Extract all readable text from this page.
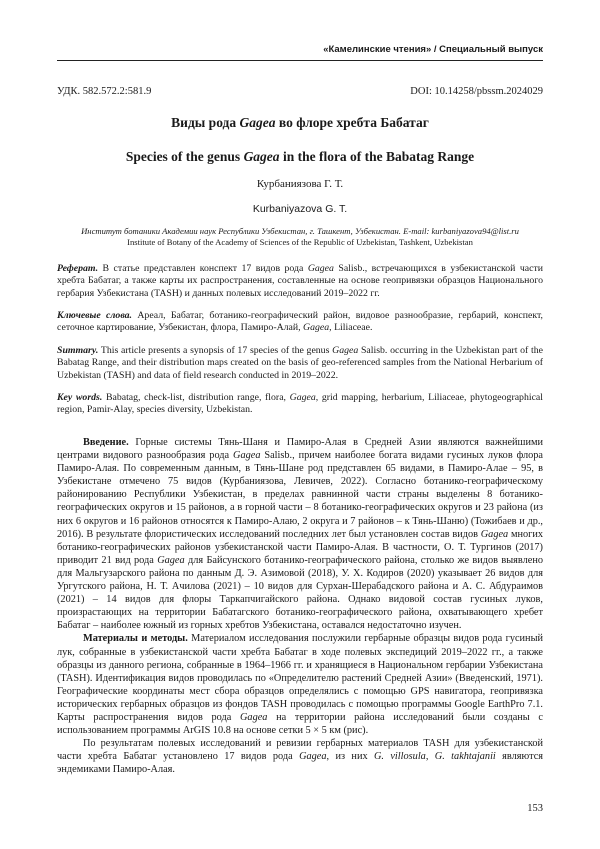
«Камелинские чтения» / Специальный выпуск
УДК. 582.572.2:581.9	DOI: 10.14258/pbssm.2024029
Виды рода Gagea во флоре хребта Бабатаг
Species of the genus Gagea in the flora of the Babatag Range
Курбаниязова Г. Т.
Kurbaniyazova G. T.
Институт ботаники Академии наук Республики Узбекистан, г. Ташкент, Узбекистан. E-mail: kurbaniyazova94@list.ru
Institute of Botany of the Academy of Sciences of the Republic of Uzbekistan, Tashkent, Uzbekistan
Реферат. В статье представлен конспект 17 видов рода Gagea Salisb., встречающихся в узбекистанской части хребта Бабатаг, а также карты их распространения, составленные на основе геопривязки образцов Национального гербария Узбекистана (TASH) и данных полевых исследований 2019–2022 гг.
Ключевые слова. Ареал, Бабатаг, ботанико-географический район, видовое разнообразие, гербарий, конспект, сеточное картирование, Узбекистан, флора, Памиро-Алай, Gagea, Liliaceae.
Summary. This article presents a synopsis of 17 species of the genus Gagea Salisb. occurring in the Uzbekistan part of the Babatag Range, and their distribution maps created on the basis of geo-referenced samples from the National Herbarium of Uzbekistan (TASH) and data of field research conducted in 2019–2022.
Key words. Babatag, check-list, distribution range, flora, Gagea, grid mapping, herbarium, Liliaceae, phytogeographical region, Pamir-Alay, species diversity, Uzbekistan.

Введение. Горные системы Тянь-Шаня и Памиро-Алая в Средней Азии являются важнейшими центрами видового разнообразия рода Gagea Salisb., причем наиболее богата видами гусиных луков флора Памиро-Алая. По современным данным, в Тянь-Шане род представлен 65 видами, в Памиро-Алае – 95, в Узбекистане отмечено 75 видов (Курбаниязова, Левичев, 2022). Согласно ботанико-географическому районированию Республики Узбекистан, в пределах равнинной части страны выделены 8 ботанико-географических округов и 15 районов, а в горной части – 8 ботанико-географических округов и 23 района (из них 6 округов и 16 районов относятся к Памиро-Алаю, 2 округа и 7 районов – к Тянь-Шаню) (Тожибаев и др., 2016). В результате флористических исследований последних лет был установлен состав видов Gagea многих ботанико-географических районов узбекистанской части Памиро-Алая. В частности, О. Т. Тургинов (2017) приводит 21 вид рода Gagea для Байсунского ботанико-географического района, столько же видов выявлено для Мальгузарского района по данным Д. Э. Азимовой (2018), У. Х. Кодиров (2020) указывает 26 видов для Ургутского района, Н. Т. Ачилова (2021) – 10 видов для Сурхан-Шерабадского района и А. С. Абдураимов (2021) – 14 видов для флоры Таркапчигайского района. Однако видовой состав гусиных луков, произрастающих на территории Бабатагского ботанико-географического района, охватывающего хребет Бабатаг – наиболее южный из горных хребтов Узбекистана, оставался недостаточно изучен.

Материалы и методы. Материалом исследования послужили гербарные образцы видов рода гусиный лук, собранные в узбекистанской части хребта Бабатаг в ходе полевых экспедиций 2019–2022 гг., а также образцы из данного региона, собранные в 1964–1966 гг. и хранящиеся в Национальном гербарии Узбекистана (TASH). Идентификация видов проводилась по «Определителю растений Средней Азии» (Введенский, 1971). Географические координаты мест сбора образцов определялись с помощью GPS навигатора, геопривязка исторических гербарных образцов из фондов TASH проводилась с помощью программы Google EarthPro 7.1. Карты распространения видов рода Gagea на территории района исследований были созданы с использованием программы ArGIS 10.8 на основе сетки 5 × 5 км (рис).

По результатам полевых исследований и ревизии гербарных материалов TASH для узбекистанской части хребта Бабатаг установлено 17 видов рода Gagea, из них G. villosula, G. takhtajanii являются эндемиками Памиро-Алая.

153
